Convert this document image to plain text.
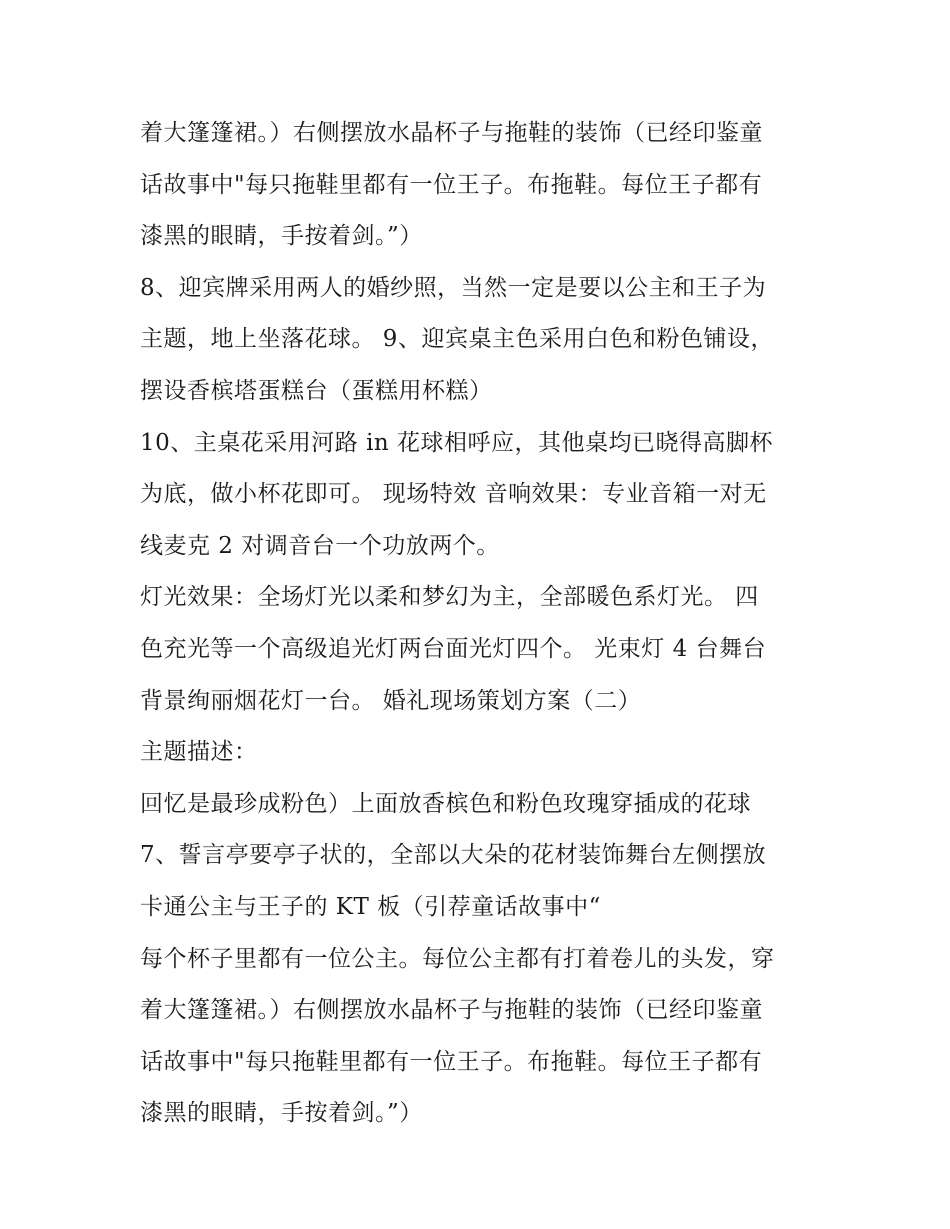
着大篷篷裙。）右侧摆放水晶杯子与拖鞋的装饰（已经印鉴童
话故事中"每只拖鞋里都有一位王子。布拖鞋。每位王子都有
漆黑的眼睛，手按着剑。”）
8、迎宾牌采用两人的婚纱照，当然一定是要以公主和王子为
主题，地上坐落花球。 9、迎宾桌主色采用白色和粉色铺设，
摆设香槟塔蛋糕台（蛋糕用杯糕）
10、主桌花采用河路 in 花球相呼应，其他桌均已晓得高脚杯
为底，做小杯花即可。 现场特效 音响效果：专业音箱一对无
线麦克 2 对调音台一个功放两个。
灯光效果：全场灯光以柔和梦幻为主，全部暖色系灯光。 四
色充光等一个高级追光灯两台面光灯四个。 光束灯 4 台舞台
背景绚丽烟花灯一台。 婚礼现场策划方案（二）
主题描述：
回忆是最珍成粉色）上面放香槟色和粉色玫瑰穿插成的花球
7、誓言亭要亭子状的，全部以大朵的花材装饰舞台左侧摆放
卡通公主与王子的 KT 板（引荐童话故事中“
每个杯子里都有一位公主。每位公主都有打着卷儿的头发，穿
着大篷篷裙。）右侧摆放水晶杯子与拖鞋的装饰（已经印鉴童
话故事中"每只拖鞋里都有一位王子。布拖鞋。每位王子都有
漆黑的眼睛，手按着剑。”）
